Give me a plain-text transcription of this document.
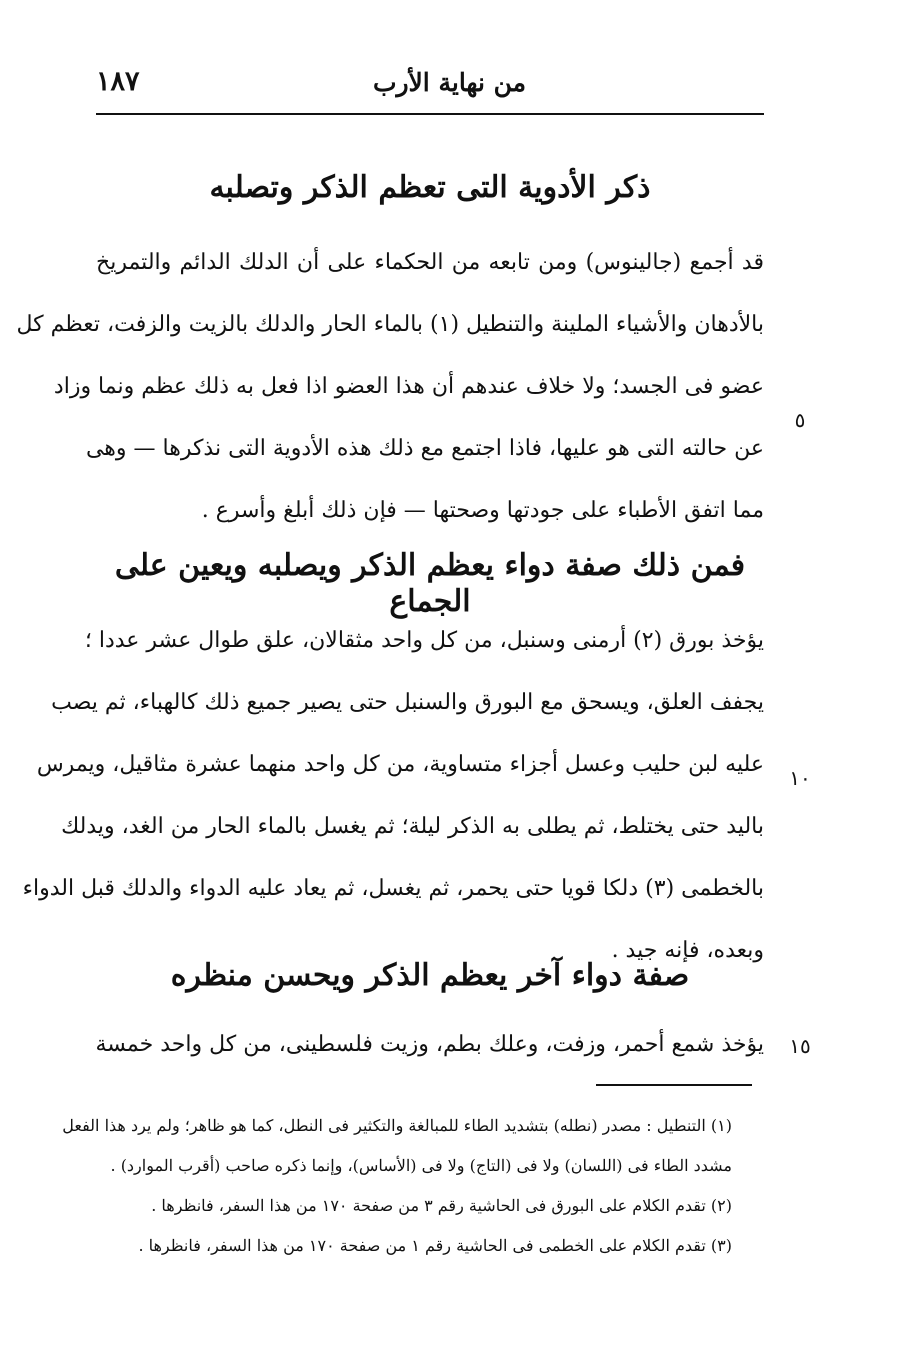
من نهاية الأرب
١٨٧
ذكر الأدوية التى تعظم الذكر وتصلبه
قد أجمع (جالينوس) ومن تابعه من الحكماء على أن الدلك الدائم والتمريخ
بالأدهان والأشياء الملينة والتنطيل (١) بالماء الحار والدلك بالزيت والزفت، تعظم كل
عضو فى الجسد؛ ولا خلاف عندهم أن هذا العضو اذا فعل به ذلك عظم ونما وزاد
عن حالته التى هو عليها، فاذا اجتمع مع ذلك هذه الأدوية التى نذكرها — وهى
مما اتفق الأطباء على جودتها وصحتها — فإن ذلك أبلغ وأسرع .
فمن ذلك صفة دواء يعظم الذكر ويصلبه ويعين على الجماع
يؤخذ بورق (٢) أرمنى وسنبل، من كل واحد مثقالان، علق طوال عشر عددا ؛
يجفف العلق، ويسحق مع البورق والسنبل حتى يصير جميع ذلك كالهباء، ثم يصب
عليه لبن حليب وعسل أجزاء متساوية، من كل واحد منهما عشرة مثاقيل، ويمرس
باليد حتى يختلط، ثم يطلى به الذكر ليلة؛ ثم يغسل بالماء الحار من الغد، ويدلك
بالخطمى (٣) دلكا قويا حتى يحمر، ثم يغسل، ثم يعاد عليه الدواء والدلك قبل الدواء
وبعده، فإنه جيد .
صفة دواء آخر يعظم الذكر ويحسن منظره
يؤخذ شمع أحمر، وزفت، وعلك بطم، وزيت فلسطينى، من كل واحد خمسة
٥
١٠
١٥
(١) التنطيل : مصدر (نطله) بتشديد الطاء للمبالغة والتكثير فى النطل، كما هو ظاهر؛ ولم يرد هذا الفعل
مشدد الطاء فى (اللسان) ولا فى (التاج) ولا فى (الأساس)، وإنما ذكره صاحب (أقرب الموارد) .
(٢) تقدم الكلام على البورق فى الحاشية رقم ٣ من صفحة ١٧٠ من هذا السفر، فانظرها .
(٣) تقدم الكلام على الخطمى فى الحاشية رقم ١ من صفحة ١٧٠ من هذا السفر، فانظرها .
